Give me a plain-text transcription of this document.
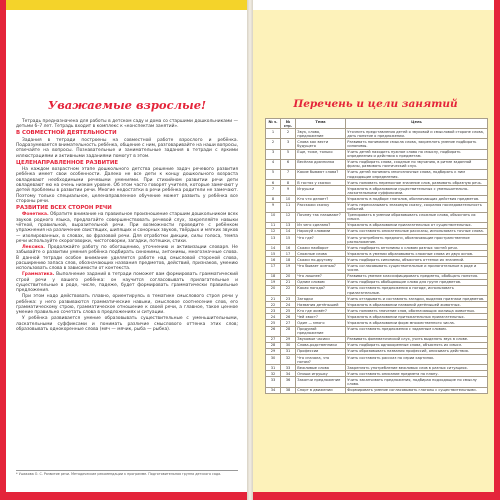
Уважаемые взрослые!

Тетрадь предназначена для работы в детском саду и дома со старшими дошкольниками — детьми 6–7 лет. Тетрадь входит в комплекс к «конспектам занятий».

В СОВМЕСТНОЙ ДЕЯТЕЛЬНОСТИ

Задания в тетради построены на совместной работе взрослого и ребёнка. Подразумевается внимательность ребёнка, общение с ним, разговаривайте на наши вопросы, отвечайте на вопросы. Познавательные и занимательные задания в тетради с яркими иллюстрациями и активными заданиями помогут в этом.

ЦЕЛЕНАПРАВЛЕННОЕ РАЗВИТИЕ

На каждом возрастном этапе дошкольного детства решение задач речевого развития ребёнка имеет свои особенности. Далеко не все дети к концу дошкольного возраста овладевают необходимыми речевыми умениями. При стихийном развитии речи дети овладевают ею на очень низком уровне. Об этом часто говорят учителя, которые замечают у детей проблемы в развитии речи. Многие недостатки в речи ребёнка родители не замечают. Поэтому только специальное, целенаправленное обучение может развить у ребёнка все стороны речи.

РАЗВИТИЕ ВСЕХ СТОРОН РЕЧИ

Фонетика. Обратите внимание на правильное произношение старшим дошкольником всех звуков родного языка, предлагайте совершенствовать речевой слух, закрепляйте навыки чёткой, правильной, выразительной речи. При возможности проведите с ребёнком упражнения на различение свистящих, шипящих и сонорных звуков, твёрдых и мягких звуков — изолированных, в словах, во фразовой речи. Для отработки дикции, силы голоса, темпа речи используйте скороговорки, чистоговорки, загадки, потешки, стихи.

Лексика. Продолжайте работу по обогащению, уточнению и активизации словаря. Не забывайте о развитии умения ребёнка подбирать синонимы, антонимы, многозначные слова. В данной тетради особое внимание уделяется работе над смысловой стороной слова, расширению запаса слов, обозначающих названия предметов, действий, признаков, умению использовать слова в зависимости от контекста.

Грамматика. Выполнение заданий в тетради поможет вам формировать грамматический строй речи у вашего ребёнка: он научится согласовывать прилагательные и существительные в роде, числе, падеже, будет формировать грамматически правильные предложения.

При этом надо действовать плавно, ориентируясь в тематике смыслового строя речи у ребёнка: у него развиваются грамматические навыки, смысловое соотнесение слов, его грамматическому строю, грамматическое отношение к своей речи, а главное, такое ценное умение правильно сочетать слова в предложениях и ситуации.

У ребёнка развивается умение образовывать существительные с уменьшительными, ласкательными суффиксами и понимать различие смыслового оттенка этих слов; образовывать однокоренные слова (мяч — мячик, рыба — рыбка).

* Ушакова О. С. Развитие речи. Методические рекомендации к программе. Подготовительная группа детского сада.
Перечень и цели занятий
№ з.	№ стр.	Тема	Цель
1	2	Звук, слово, предложение	Уточнить представления детей о звуковой и смысловой стороне слова, дать понятие о предложении.
2	3	Слова как вести будущего	Развивать понимание смысла слова, закреплять умение подбирать синонимы.
3	5	Еще, тоже, только	Учить детей находить нужное слово по смыслу, подбирать определения и действия к предметам.
4	6	Весёлая дразнилка	Учить подбирать слова, сходные по звучанию, в ритме заданной фразы, развивать поэтический слух.
5	7	Какие бывают слова?	Учить детей понимать многозначные слова, подбирать к ним подходящие определения.
6	8	В гостях у сказки	Учить понимать переносное значение слов, развивать образную речь.
7	9	Игрушки	Упражнять в образовании существительных с уменьшительно-ласкательными суффиксами.
8	10	Кто что делает?	Упражнять в подборе глаголов, обозначающих действия предметов.
9	11	Расскажи сказку	Учить пересказывать знакомую сказку, сохраняя последовательность событий.
10	12	Почему так называют?	Тренировать в умении образовывать сложные слова, объяснять их смысл.
11	13	Из чего сделано?	Упражнять в образовании прилагательных от существительных.
12	14	Нарисуй словами	Учить составлять описательные рассказы, использовать точные слова.
13	15	Что где?	Учить употреблять предлоги, обозначающие пространственное расположение.
14	16	Скажи наоборот	Учить подбирать антонимы к словам разных частей речи.
15	17	Сложные слова	Упражнять в умении образовывать сложные слова из двух основ.
16	18	Скажи по-другому	Учить подбирать синонимы, объяснять оттенки их значений.
17	19	Что бывает осенью?	Учить согласовывать существительные и прилагательные в роде и числе.
18	20	Что лишнее?	Развивать умение классифицировать предметы, обобщать понятия.
19	21	Одним словом	Учить подбирать обобщающие слова для групп предметов.
20	22	Какая погода?	Учить составлять предложения о погоде, использовать прилагательные.
21	23	Загадки	Учить отгадывать и составлять загадки, выделяя признаки предметов.
22	24	Названия детёнышей	Упражнять в образовании названий детёнышей животных.
23	25	Кто где живёт?	Учить понимать значение слов, обозначающих жилища животных.
24	26	Чей хвост?	Упражнять в образовании притяжательных прилагательных.
25	27	Один — много	Упражнять в образовании форм множественного числа.
26	28	Придумай предложение	Учить составлять предложения с заданным словом.
27	29	Звуковые часики	Развивать фонематический слух, учить выделять звук в слове.
28	30	Слова-родственники	Учить подбирать однокоренные слова, объяснять их смысл.
29	31	Профессии	Учить образовывать названия профессий, описывать действия.
30	32	Что сначала, что потом?	Учить составлять рассказ по серии картинок.
31	33	Вежливые слова	Закреплять употребление вежливых слов в разных ситуациях.
32	34	Опиши игрушку	Учить составлять описание предмета по плану.
33	36	Закончи предложение	Учить заканчивать предложения, подбирая подходящие по смыслу слова.
34	38	Спорт в движении	Формировать умение согласовывать глаголы с существительными.
